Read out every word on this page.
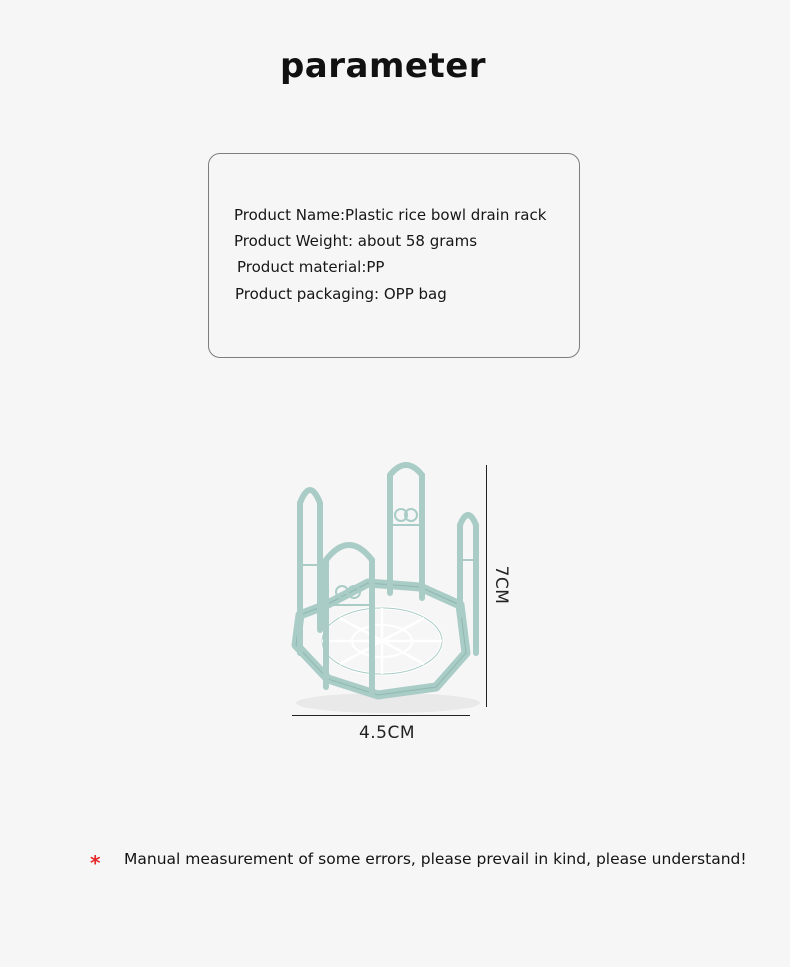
parameter
Product Name:Plastic rice bowl drain rack
Product Weight: about 58 grams
Product material:PP
Product packaging: OPP bag
4.5CM
7CM
* Manual measurement of some errors, please prevail in kind, please understand!
